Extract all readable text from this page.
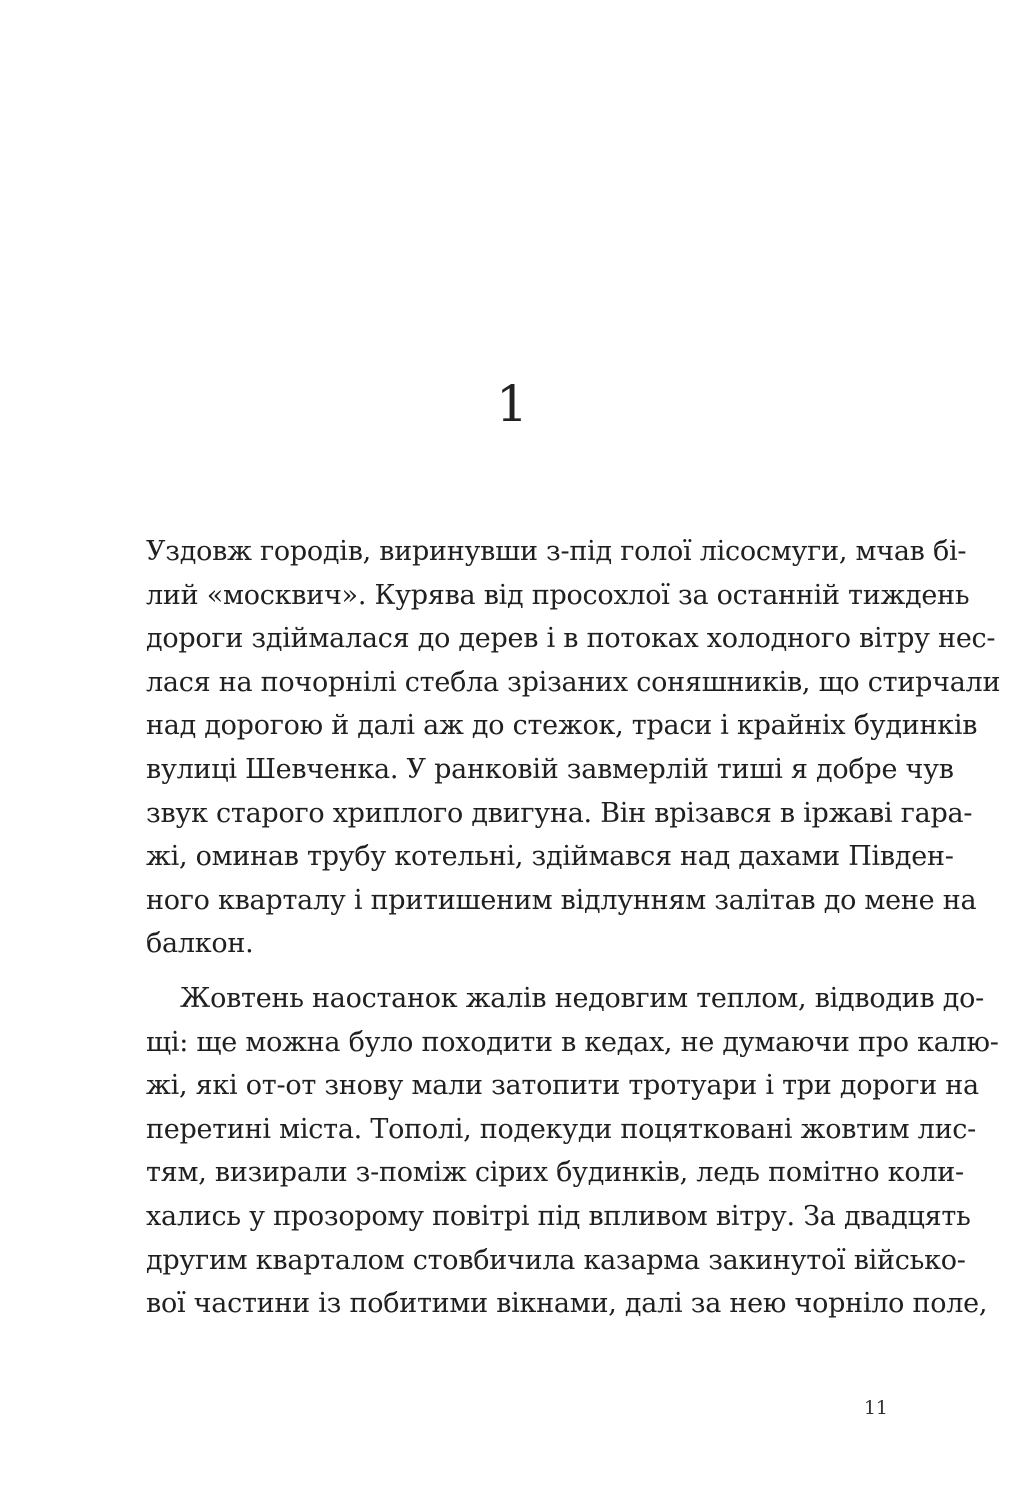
1
Уздовж городів, виринувши з-під голої лісосмуги, мчав бі-
лий «москвич». Курява від просохлої за останній тиждень
дороги здіймалася до дерев і в потоках холодного вітру нес-
лася на почорнілі стебла зрізаних соняшників, що стирчали
над дорогою й далі аж до стежок, траси і крайніх будинків
вулиці Шевченка. У ранковій завмерлій тиші я добре чув
звук старого хриплого двигуна. Він врізався в іржаві гара-
жі, оминав трубу котельні, здіймався над дахами Півден-
ного кварталу і притишеним відлунням залітав до мене на
балкон.
Жовтень наостанок жалів недовгим теплом, відводив до-
щі: ще можна було походити в кедах, не думаючи про калю-
жі, які от-от знову мали затопити тротуари і три дороги на
перетині міста. Тополі, подекуди поцятковані жовтим лис-
тям, визирали з-поміж сірих будинків, ледь помітно коли-
хались у прозорому повітрі під впливом вітру. За двадцять
другим кварталом стовбичила казарма закинутої військо-
вої частини із побитими вікнами, далі за нею чорніло поле,
11
